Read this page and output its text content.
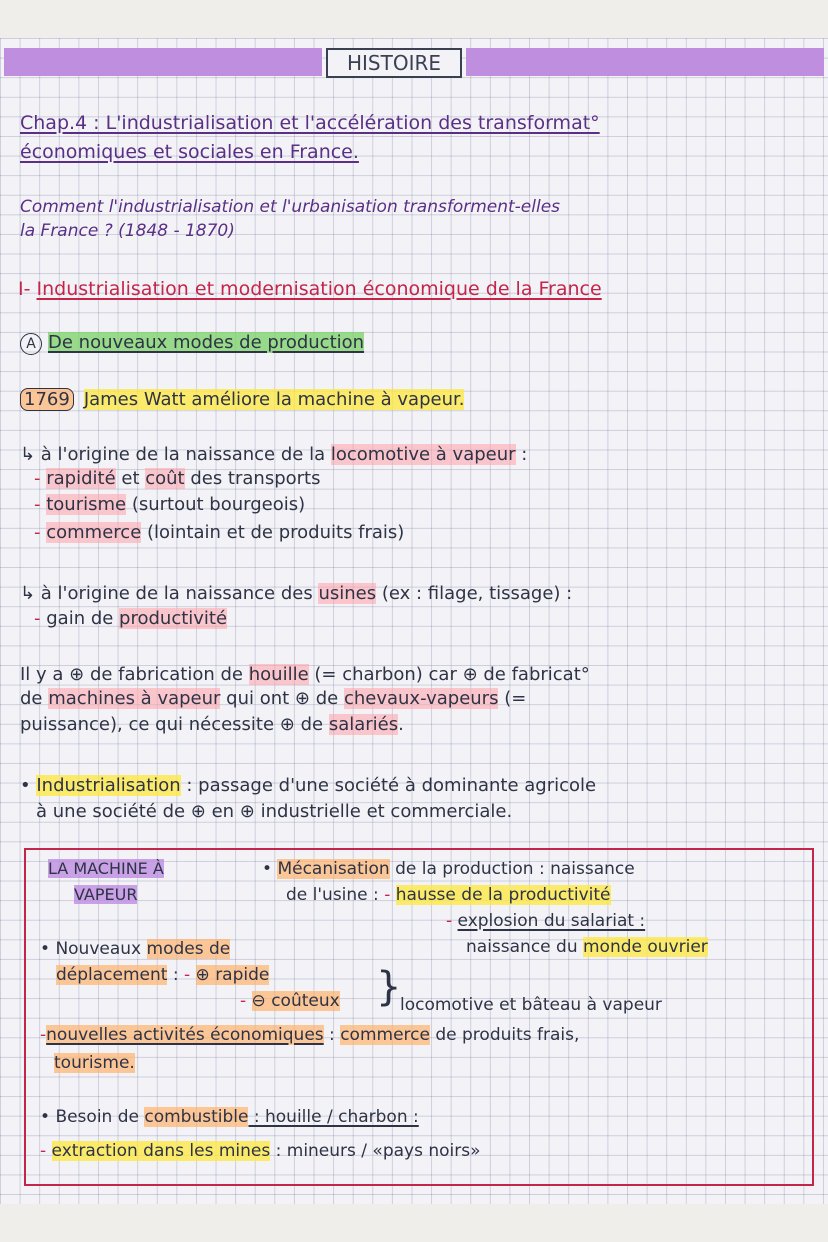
HISTOIRE
Chap.4 : L'industrialisation et l'accélération des transformat°
économiques et sociales en France.
Comment l'industrialisation et l'urbanisation transforment-elles
la France ? (1848 - 1870)
I- Industrialisation et modernisation économique de la France
A De nouveaux modes de production
1769 James Watt améliore la machine à vapeur.
↳ à l'origine de la naissance de la locomotive à vapeur :
- rapidité et coût des transports
- tourisme (surtout bourgeois)
- commerce (lointain et de produits frais)
↳ à l'origine de la naissance des usines (ex : filage, tissage) :
- gain de productivité
Il y a ⊕ de fabrication de houille (= charbon) car ⊕ de fabricat°
de machines à vapeur qui ont ⊕ de chevaux-vapeurs (=
puissance), ce qui nécessite ⊕ de salariés.
• Industrialisation : passage d'une société à dominante agricole
à une société de ⊕ en ⊕ industrielle et commerciale.
LA MACHINE À
VAPEUR
• Mécanisation de la production : naissance
de l'usine : - hausse de la productivité
- explosion du salariat :
naissance du monde ouvrier
• Nouveaux modes de
déplacement : - ⊕ rapide
- ⊖ coûteux }
locomotive et bâteau à vapeur
-nouvelles activités économiques : commerce de produits frais,
tourisme.
• Besoin de combustible : houille / charbon :
- extraction dans les mines : mineurs / «pays noirs»
